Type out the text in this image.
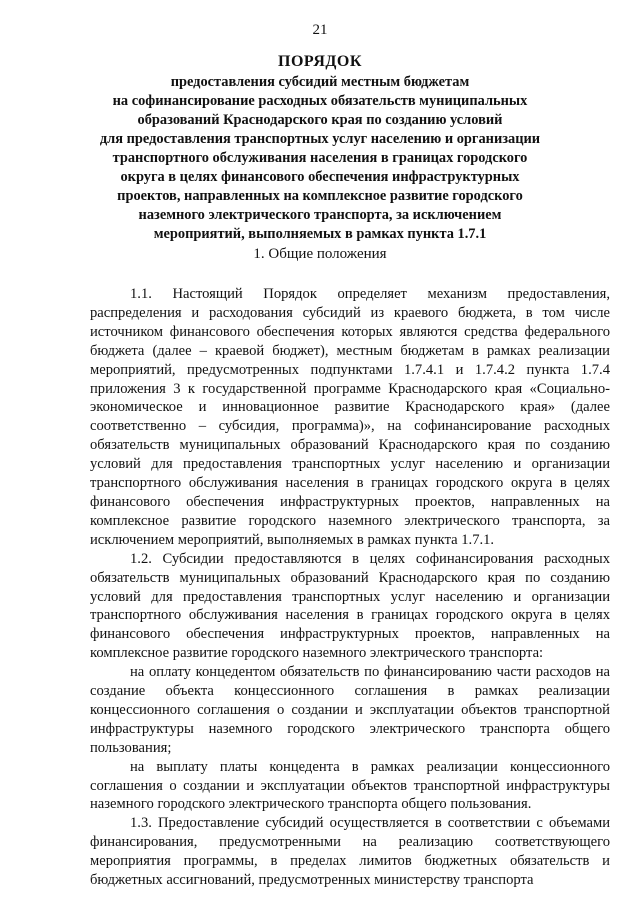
21
ПОРЯДОК
предоставления субсидий местным бюджетам
на софинансирование расходных обязательств муниципальных
образований Краснодарского края по созданию условий
для предоставления транспортных услуг населению и организации
транспортного обслуживания населения в границах городского
округа в целях финансового обеспечения инфраструктурных
проектов, направленных на комплексное развитие городского
наземного электрического транспорта, за исключением
мероприятий, выполняемых в рамках пункта 1.7.1
1. Общие положения

1.1. Настоящий Порядок определяет механизм предоставления, распределения и расходования субсидий из краевого бюджета, в том числе источником финансового обеспечения которых являются средства федерального бюджета (далее – краевой бюджет), местным бюджетам в рамках реализации мероприятий, предусмотренных подпунктами 1.7.4.1 и 1.7.4.2 пункта 1.7.4 приложения 3 к государственной программе Краснодарского края «Социально-экономическое и инновационное развитие Краснодарского края» (далее соответственно – субсидия, программа)», на софинансирование расходных обязательств муниципальных образований Краснодарского края по созданию условий для предоставления транспортных услуг населению и организации транспортного обслуживания населения в границах городского округа в целях финансового обеспечения инфраструктурных проектов, направленных на комплексное развитие городского наземного электрического транспорта, за исключением мероприятий, выполняемых в рамках пункта 1.7.1.

1.2. Субсидии предоставляются в целях софинансирования расходных обязательств муниципальных образований Краснодарского края по созданию условий для предоставления транспортных услуг населению и организации транспортного обслуживания населения в границах городского округа в целях финансового обеспечения инфраструктурных проектов, направленных на комплексное развитие городского наземного электрического транспорта:

на оплату концедентом обязательств по финансированию части расходов на создание объекта концессионного соглашения в рамках реализации концессионного соглашения о создании и эксплуатации объектов транспортной инфраструктуры наземного городского электрического транспорта общего пользования;

на выплату платы концедента в рамках реализации концессионного соглашения о создании и эксплуатации объектов транспортной инфраструктуры наземного городского электрического транспорта общего пользования.

1.3. Предоставление субсидий осуществляется в соответствии с объемами финансирования, предусмотренными на реализацию соответствующего мероприятия программы, в пределах лимитов бюджетных обязательств и бюджетных ассигнований, предусмотренных министерству транспорта
